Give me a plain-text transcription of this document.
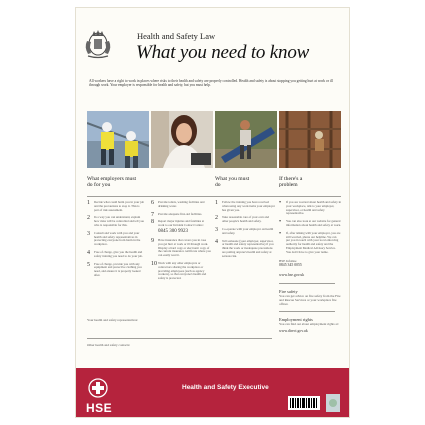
Health and Safety Law
What you need to know
All workers have a right to work in places where risks to their health and safety are properly controlled. Health and safety is about stopping you getting hurt at work or ill through work. Your employer is responsible for health and safety, but you must help.
What employers must do for you
What you must do
If there's a problem
1 Decide what could harm you in your job and the precautions to stop it. This is part of risk assessment.
2 In a way you can understand, explain how risks will be controlled and tell you who is responsible for this.
3 Consult and work with you and your health and safety representatives in protecting everyone from harm in the workplace.
4 Free of charge, give you the health and safety training you need to do your job.
5 Free of charge, provide you with any equipment and protective clothing you need, and ensure it is properly looked after.
6 Provide toilets, washing facilities and drinking water.
7 Provide adequate first-aid facilities.
8 Report major injuries and fatalities at work to our Incident Contact Centre:
0845 300 9923
9 Have insurance that covers you in case you get hurt at work or ill through work. Display a hard copy or electronic copy of the current insurance certificate where you can easily read it.
10 Work with any other employers or contractors sharing the workplace or providing employees (such as agency workers), so that everyone's health and safety is protected.
1 Follow the training you have received when using any work items your employer has given you.
2 Take reasonable care of your own and other people's health and safety.
3 Co-operate with your employer on health and safety.
4 Tell someone (your employer, supervisor, or health and safety representative) if you think the work or inadequate precautions are putting anyone's health and safety at serious risk.
• If you are worried about health and safety in your workplace, talk to your employer, supervisor, or health and safety representative.
• You can also look at our website for general information about health and safety at work.
• If, after talking with your employer, you are still worried, phone our helpline. We can put you in touch with your local enforcing authority for health and safety and the Employment Medical Advisory Service. You don't have to give your name.
HSE Infoline
0845 345 0055
www.hse.gov.uk
Fire safety
You can get advice on fire safety from the Fire and Rescue Services or your workplace fire officer.
Employment rights
You can find out about employment rights at:
www.direct.gov.uk
Your health and safety representatives:
Other health and safety contacts:
HSE
Health and Safety Executive
